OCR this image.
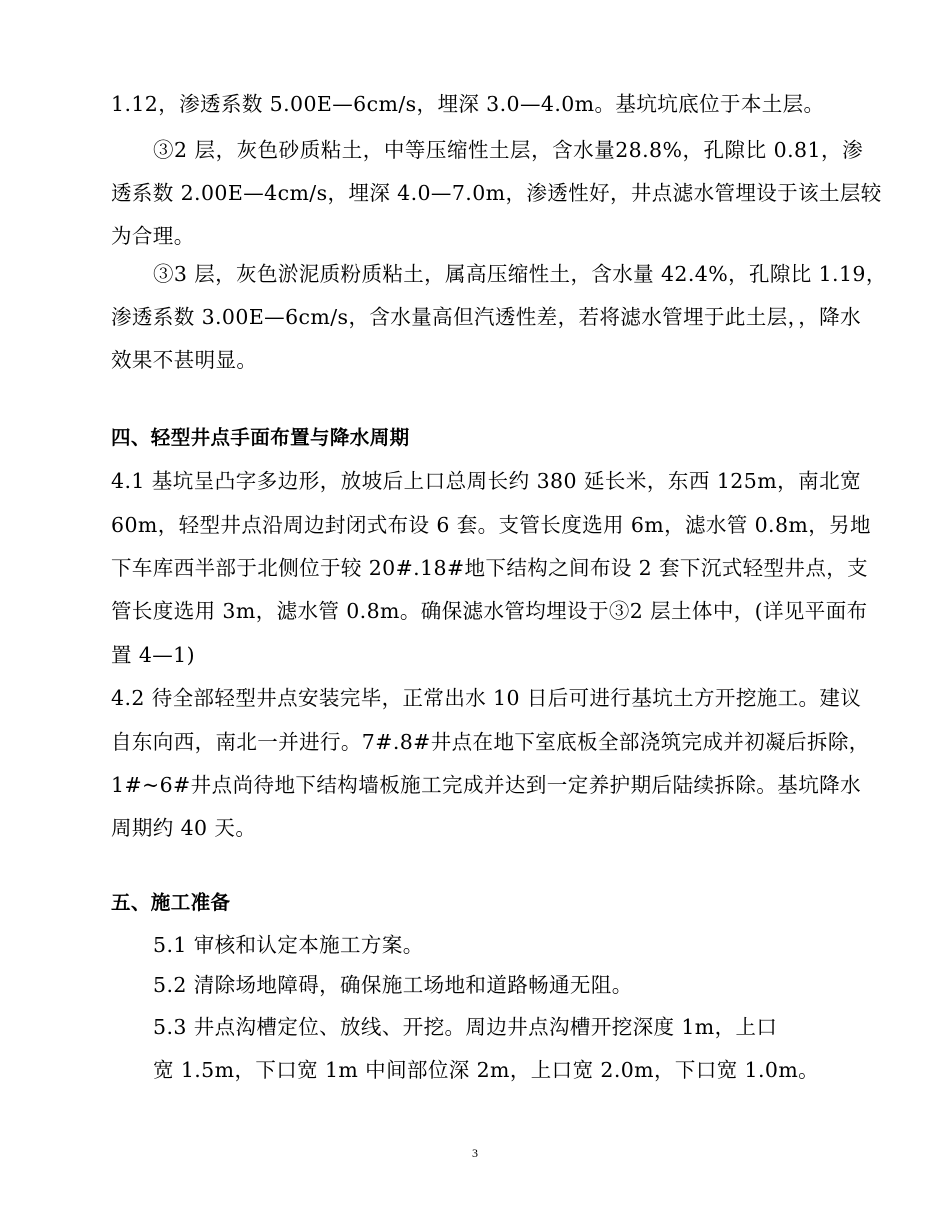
1.12，渗透系数 5.00E—6cm/s，埋深 3.0—4.0m。基坑坑底位于本土层。
③2 层，灰色砂质粘土，中等压缩性土层，含水量28.8%，孔隙比 0.81，渗
透系数 2.00E—4cm/s，埋深 4.0—7.0m，渗透性好，井点滤水管埋设于该土层较
为合理。
③3 层，灰色淤泥质粉质粘土，属高压缩性土，含水量 42.4%，孔隙比 1.19，
渗透系数 3.00E—6cm/s，含水量高但汽透性差，若将滤水管埋于此土层，，降水
效果不甚明显。
四、轻型井点手面布置与降水周期
4.1 基坑呈凸字多边形，放坡后上口总周长约 380 延长米，东西 125m，南北宽
60m，轻型井点沿周边封闭式布设 6 套。支管长度选用 6m，滤水管 0.8m，另地
下车库西半部于北侧位于较 20#.18#地下结构之间布设 2 套下沉式轻型井点，支
管长度选用 3m，滤水管 0.8m。确保滤水管均埋设于③2 层土体中，(详见平面布
置 4—1)
4.2 待全部轻型井点安装完毕，正常出水 10 日后可进行基坑土方开挖施工。建议
自东向西，南北一并进行。7#.8#井点在地下室底板全部浇筑完成并初凝后拆除，
1#~6#井点尚待地下结构墙板施工完成并达到一定养护期后陆续拆除。基坑降水
周期约 40 天。
五、施工准备
5.1 审核和认定本施工方案。
5.2 清除场地障碍，确保施工场地和道路畅通无阻。
5.3 井点沟槽定位、放线、开挖。周边井点沟槽开挖深度 1m，上口
宽 1.5m，下口宽 1m 中间部位深 2m，上口宽 2.0m，下口宽 1.0m。
3
